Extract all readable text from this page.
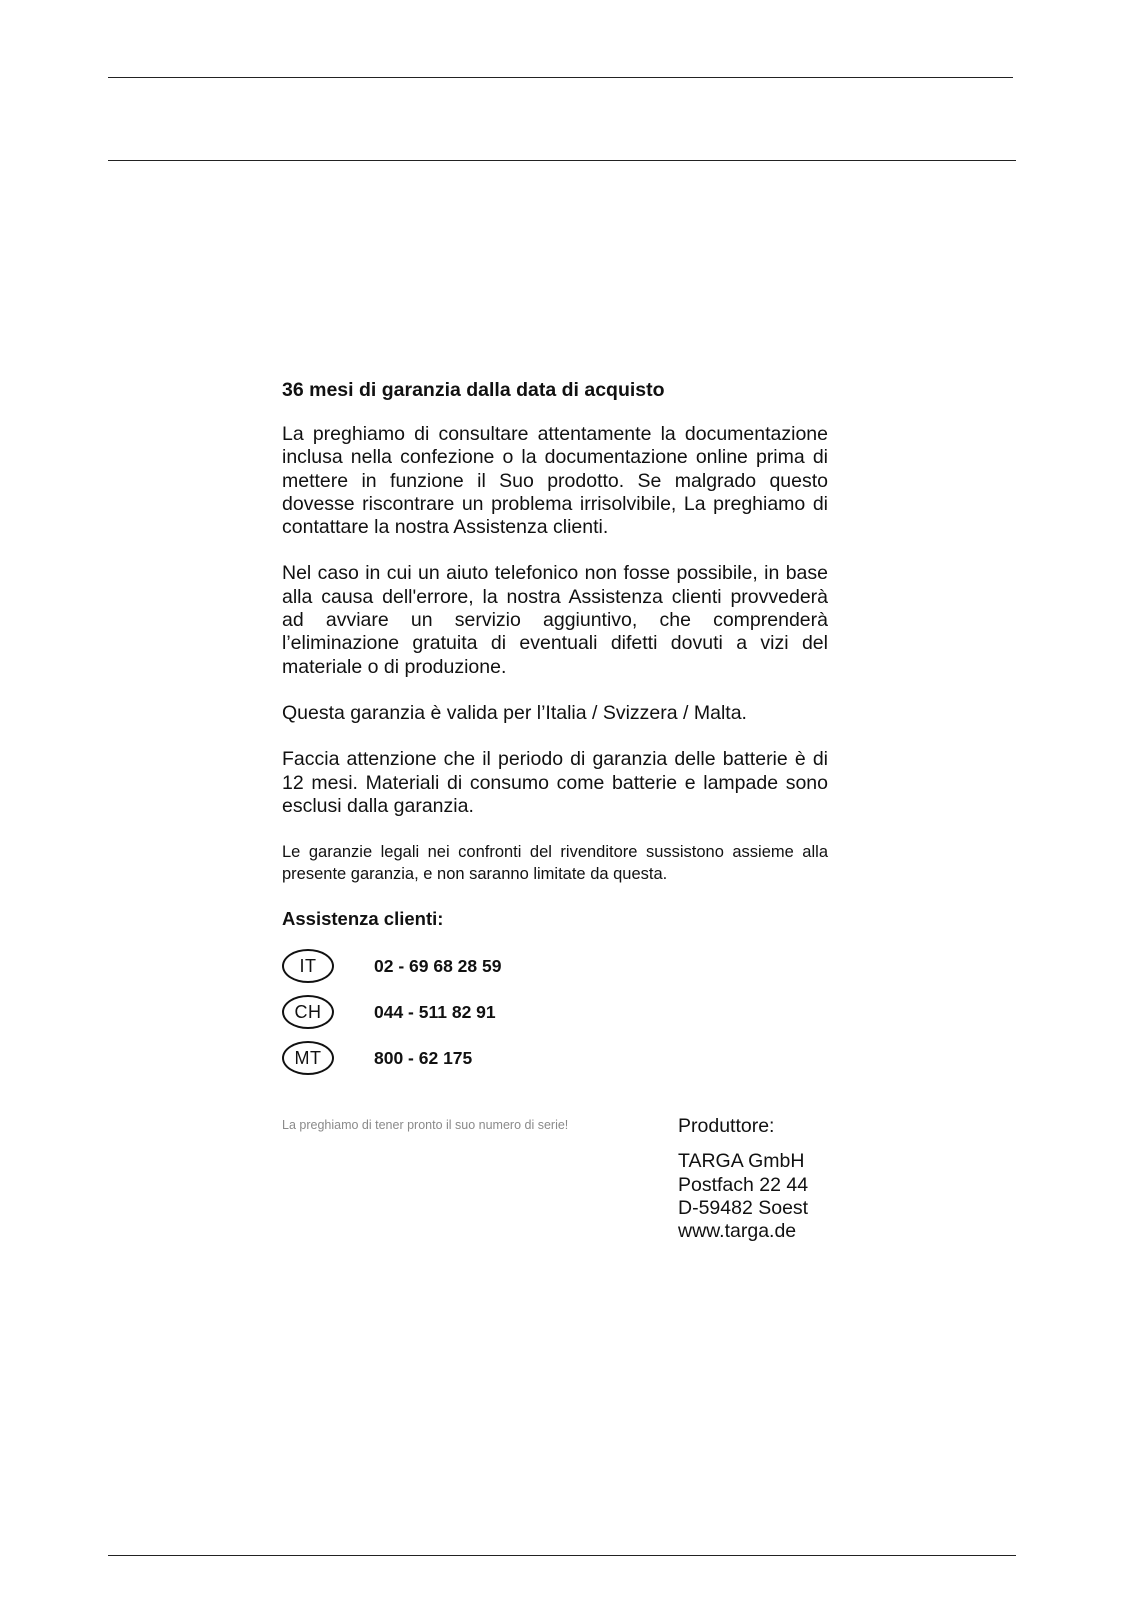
36 mesi di garanzia dalla data di acquisto
La preghiamo di consultare attentamente la documentazione inclusa nella confezione o la documentazione online prima di mettere in funzione il Suo prodotto. Se malgrado questo dovesse riscontrare un problema irrisolvibile, La preghiamo di contattare la nostra Assistenza clienti.
Nel caso in cui un aiuto telefonico non fosse possibile, in base alla causa dell'errore, la nostra Assistenza clienti provvederà ad avviare un servizio aggiuntivo, che comprenderà l’eliminazione gratuita di eventuali difetti dovuti a vizi del materiale o di produzione.
Questa garanzia è valida per l’Italia / Svizzera / Malta.
Faccia attenzione che il periodo di garanzia delle batterie è di 12 mesi. Materiali di consumo come batterie e lampade sono esclusi dalla garanzia.
Le garanzie legali nei confronti del rivenditore sussistono assieme alla presente garanzia, e non saranno limitate da questa.
Assistenza clienti:
IT	02 - 69 68 28 59
CH	044 - 511 82 91
MT	800 - 62 175
La preghiamo di tener pronto il suo numero di serie!	Produttore:
TARGA GmbH
Postfach 22 44
D-59482 Soest
www.targa.de
